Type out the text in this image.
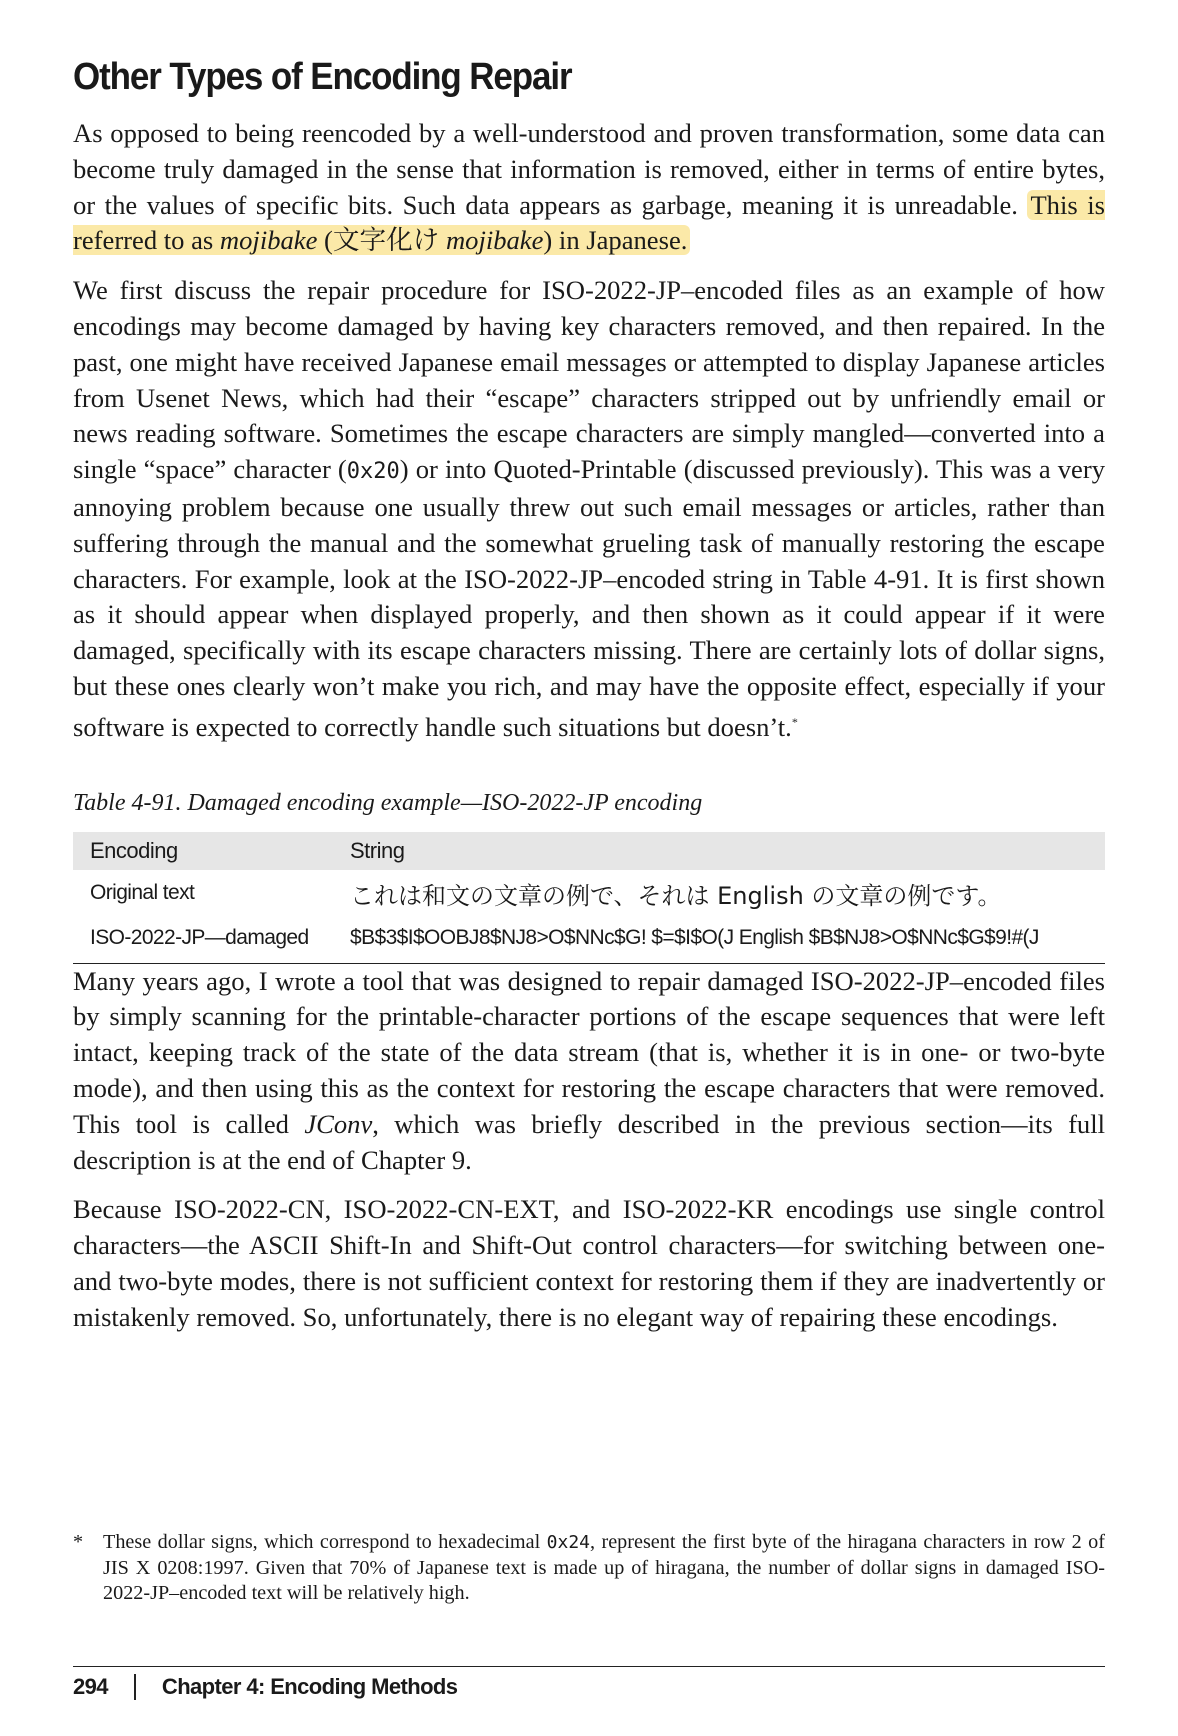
Other Types of Encoding Repair

As opposed to being reencoded by a well-understood and proven transformation, some data can become truly damaged in the sense that information is removed, either in terms of entire bytes, or the values of specific bits. Such data appears as garbage, meaning it is unreadable. This is referred to as mojibake (文字化け mojibake) in Japanese.

We first discuss the repair procedure for ISO-2022-JP–encoded files as an example of how encodings may become damaged by having key characters removed, and then repaired. In the past, one might have received Japanese email messages or attempted to display Japanese articles from Usenet News, which had their “escape” characters stripped out by unfriendly email or news reading software. Sometimes the escape characters are simply mangled—converted into a single “space” character (0x20) or into Quoted-Printable (discussed previously). This was a very annoying problem because one usually threw out such email messages or articles, rather than suffering through the manual and the somewhat grueling task of manually restoring the escape characters. For example, look at the ISO-2022-JP–encoded string in Table 4-91. It is first shown as it should appear when displayed properly, and then shown as it could appear if it were damaged, specifically with its escape characters missing. There are certainly lots of dollar signs, but these ones clearly won’t make you rich, and may have the opposite effect, especially if your software is expected to correctly handle such situations but doesn’t.*

Table 4-91. Damaged encoding example—ISO-2022-JP encoding
Encoding	String
Original text	これは和文の文章の例で、それは English の文章の例です。
ISO-2022-JP—damaged	$B$3$I$OOBJ8$NJ8>O$NNc$G! $=$I$O(J English $B$NJ8>O$NNc$G$9!#(J

Many years ago, I wrote a tool that was designed to repair damaged ISO-2022-JP–encoded files by simply scanning for the printable-character portions of the escape sequences that were left intact, keeping track of the state of the data stream (that is, whether it is in one- or two-byte mode), and then using this as the context for restoring the escape characters that were removed. This tool is called JConv, which was briefly described in the previous section—its full description is at the end of Chapter 9.

Because ISO-2022-CN, ISO-2022-CN-EXT, and ISO-2022-KR encodings use single control characters—the ASCII Shift-In and Shift-Out control characters—for switching between one- and two-byte modes, there is not sufficient context for restoring them if they are inadvertently or mistakenly removed. So, unfortunately, there is no elegant way of repairing these encodings.

* These dollar signs, which correspond to hexadecimal 0x24, represent the first byte of the hiragana characters in row 2 of JIS X 0208:1997. Given that 70% of Japanese text is made up of hiragana, the number of dollar signs in damaged ISO-2022-JP–encoded text will be relatively high.
294 Chapter 4: Encoding Methods
